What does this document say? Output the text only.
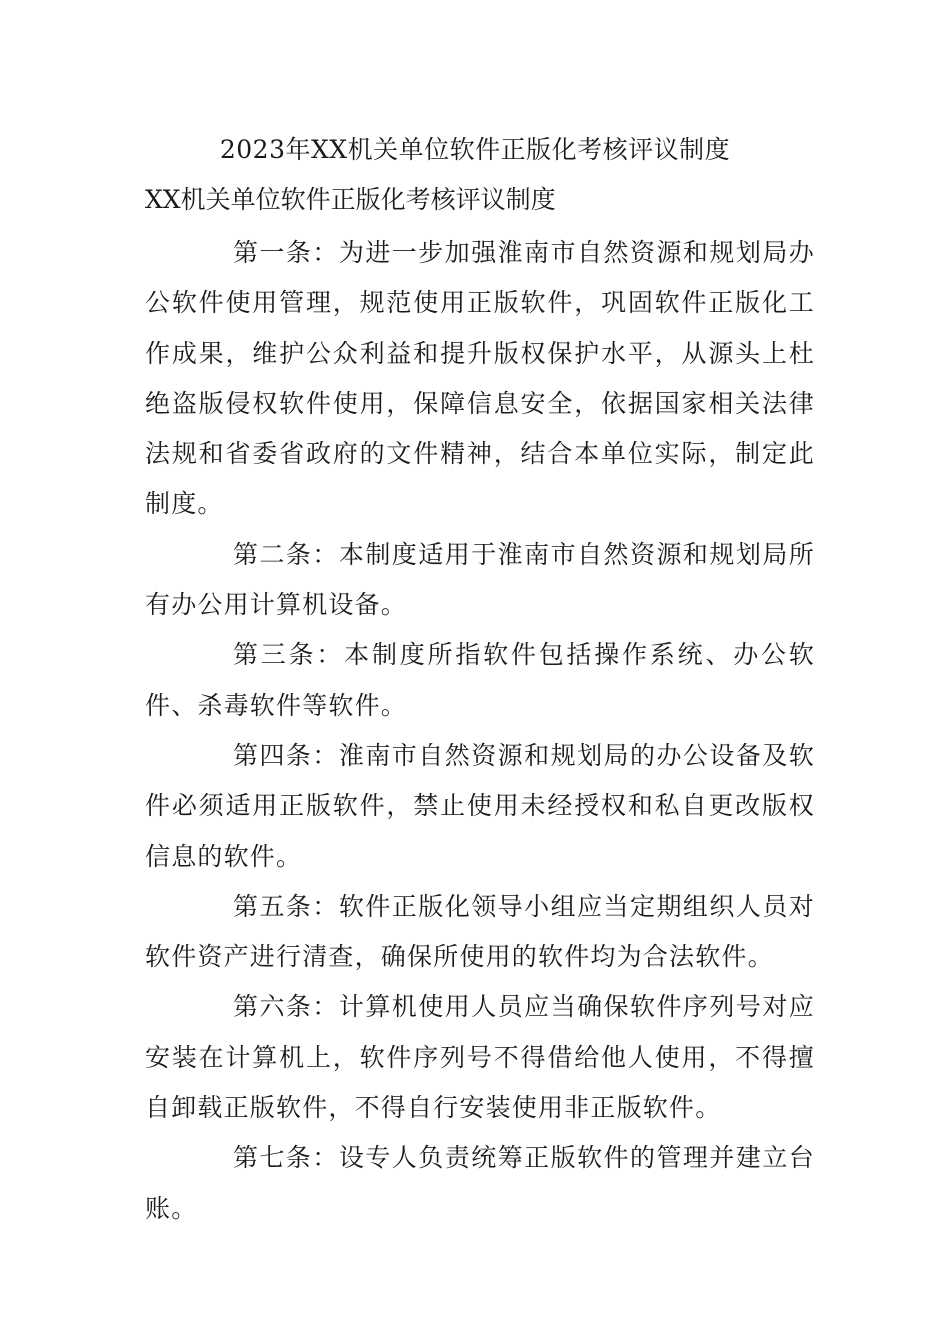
2023年XX机关单位软件正版化考核评议制度
XX机关单位软件正版化考核评议制度

第一条：为进一步加强淮南市自然资源和规划局办公软件使用管理，规范使用正版软件，巩固软件正版化工作成果，维护公众利益和提升版权保护水平，从源头上杜绝盗版侵权软件使用，保障信息安全，依据国家相关法律法规和省委省政府的文件精神，结合本单位实际，制定此制度。

第二条：本制度适用于淮南市自然资源和规划局所有办公用计算机设备。

第三条：本制度所指软件包括操作系统、办公软件、杀毒软件等软件。

第四条：淮南市自然资源和规划局的办公设备及软件必须适用正版软件，禁止使用未经授权和私自更改版权信息的软件。

第五条：软件正版化领导小组应当定期组织人员对软件资产进行清查，确保所使用的软件均为合法软件。

第六条：计算机使用人员应当确保软件序列号对应安装在计算机上，软件序列号不得借给他人使用，不得擅自卸载正版软件，不得自行安装使用非正版软件。

第七条：设专人负责统筹正版软件的管理并建立台账。
